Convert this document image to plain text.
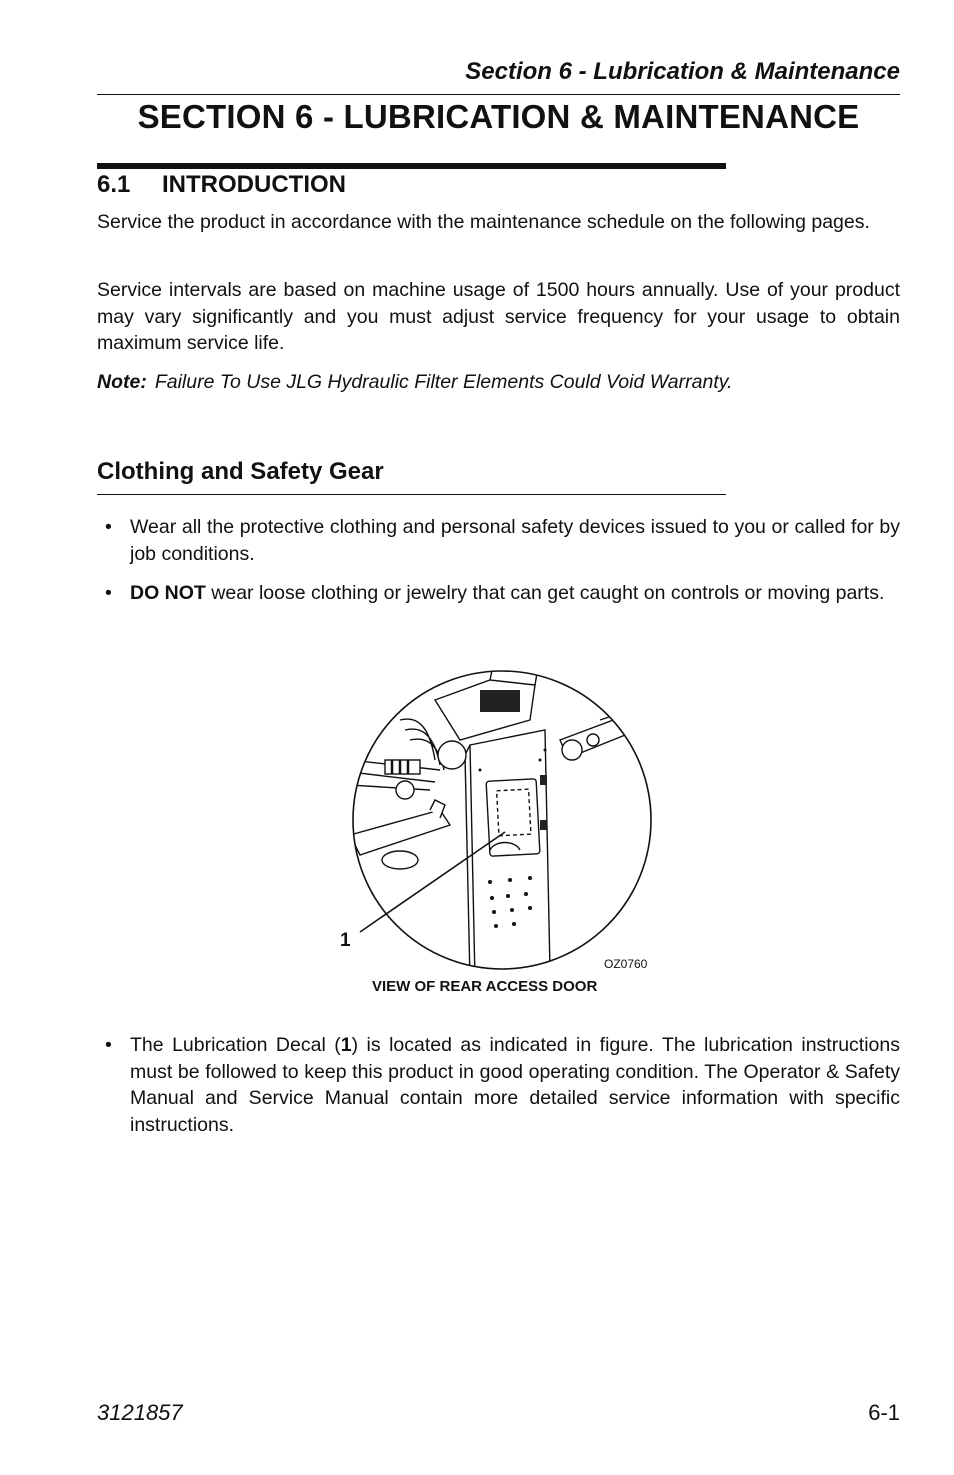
Section 6 - Lubrication & Maintenance
SECTION 6 - LUBRICATION & MAINTENANCE
6.1 INTRODUCTION
Service the product in accordance with the maintenance schedule on the following pages.
Service intervals are based on machine usage of 1500 hours annually. Use of your product may vary significantly and you must adjust service frequency for your usage to obtain maximum service life.
Note: Failure To Use JLG Hydraulic Filter Elements Could Void Warranty.
Clothing and Safety Gear
• Wear all the protective clothing and personal safety devices issued to you or called for by job conditions.
• DO NOT wear loose clothing or jewelry that can get caught on controls or moving parts.
1
OZ0760
VIEW OF REAR ACCESS DOOR
• The Lubrication Decal (1) is located as indicated in figure. The lubrication instructions must be followed to keep this product in good operating condition. The Operator & Safety Manual and Service Manual contain more detailed service information with specific instructions.
3121857	6-1
